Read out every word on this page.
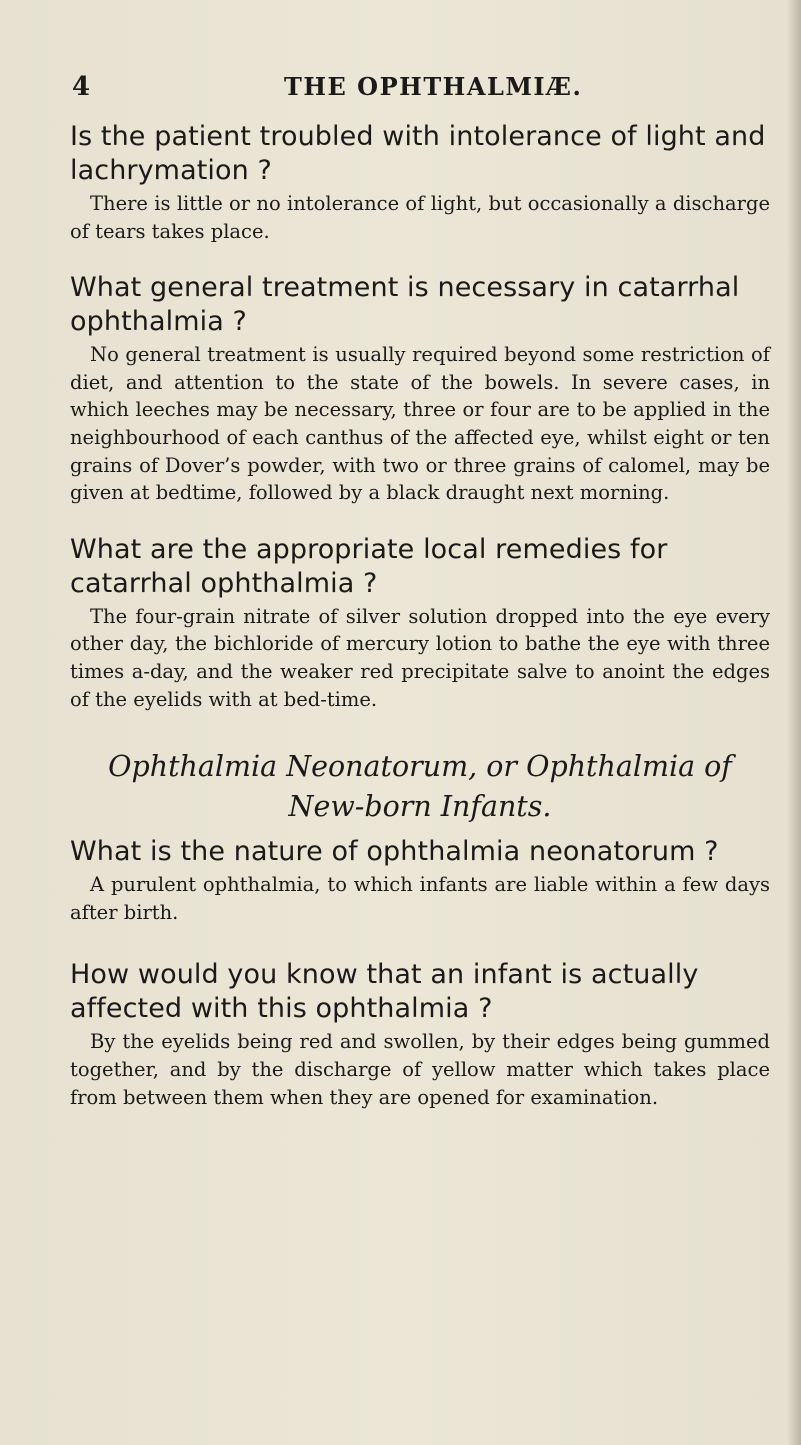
4	THE OPHTHALMIÆ.

Is the patient troubled with intolerance of light and lachrymation ?

There is little or no intolerance of light, but occasionally a discharge of tears takes place.

What general treatment is necessary in catarrhal ophthalmia ?

No general treatment is usually required beyond some restriction of diet, and attention to the state of the bowels. In severe cases, in which leeches may be necessary, three or four are to be applied in the neighbourhood of each canthus of the affected eye, whilst eight or ten grains of Dover’s powder, with two or three grains of calomel, may be given at bedtime, followed by a black draught next morning.

What are the appropriate local remedies for catarrhal ophthalmia ?

The four-grain nitrate of silver solution dropped into the eye every other day, the bichloride of mercury lotion to bathe the eye with three times a-day, and the weaker red precipitate salve to anoint the edges of the eyelids with at bed-time.

Ophthalmia Neonatorum, or Ophthalmia of New-born Infants.

What is the nature of ophthalmia neonatorum ?

A purulent ophthalmia, to which infants are liable within a few days after birth.

How would you know that an infant is actually affected with this ophthalmia ?

By the eyelids being red and swollen, by their edges being gummed together, and by the discharge of yellow matter which takes place from between them when they are opened for examination.
